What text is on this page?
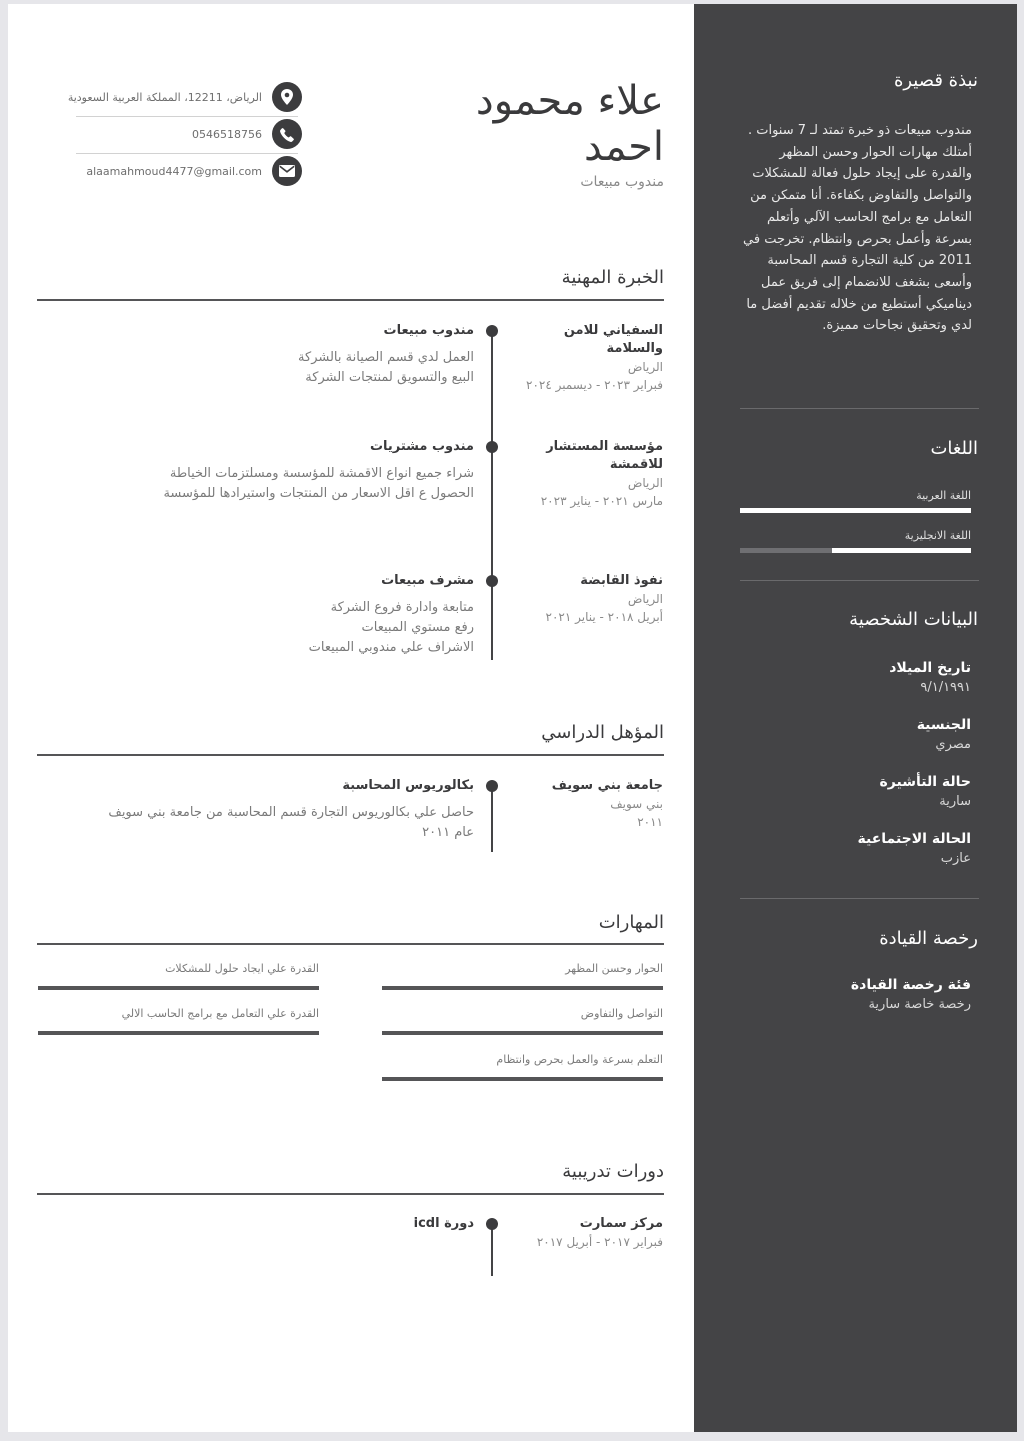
علاء محمود
احمد
مندوب مبيعات
الرياض، 12211، المملكة العربية السعودية
0546518756
alaamahmoud4477@gmail.com
الخبرة المهنية
السفياني للامن والسلامة
الرياض
فبراير ٢٠٢٣ - ديسمبر ٢٠٢٤
مندوب مبيعات
العمل لدي قسم الصيانة بالشركة
البيع والتسويق لمنتجات الشركة
مؤسسة المستشار للاقمشة
الرياض
مارس ٢٠٢١ - يناير ٢٠٢٣
مندوب مشتريات
شراء جميع انواع الاقمشة للمؤسسة ومسلتزمات الخياطة
الحصول ع اقل الاسعار من المنتجات واستيرادها للمؤسسة
نفوذ القابضة
الرياض
أبريل ٢٠١٨ - يناير ٢٠٢١
مشرف مبيعات
متابعة وادارة فروع الشركة
رفع مستوي المبيعات
الاشراف علي مندوبي المبيعات
المؤهل الدراسي
جامعة بني سويف
بني سويف
٢٠١١
بكالوريوس المحاسبة
حاصل علي بكالوريوس التجارة قسم المحاسبة من جامعة بني سويف
عام ٢٠١١
المهارات
الحوار وحسن المظهر
القدرة علي ايجاد حلول للمشكلات
التواصل والتفاوض
القدرة علي التعامل مع برامج الحاسب الالي
التعلم بسرعة والعمل بحرص وانتظام
دورات تدريبية
مركز سمارت
فبراير ٢٠١٧ - أبريل ٢٠١٧
دورة icdl
نبذة قصيرة
مندوب مبيعات ذو خبرة تمتد لـ 7 سنوات . أمتلك مهارات الحوار وحسن المظهر والقدرة على إيجاد حلول فعالة للمشكلات والتواصل والتفاوض بكفاءة. أنا متمكن من التعامل مع برامج الحاسب الآلي وأتعلم بسرعة وأعمل بحرص وانتظام. تخرجت في 2011 من كلية التجارة قسم المحاسبة وأسعى بشغف للانضمام إلى فريق عمل ديناميكي أستطيع من خلاله تقديم أفضل ما لدي وتحقيق نجاحات مميزة.
اللغات
اللغة العربية
اللغة الانجليزية
البيانات الشخصية
تاريخ الميلاد
٩/١/١٩٩١
الجنسية
مصري
حالة التأشيرة
سارية
الحالة الاجتماعية
عازب
رخصة القيادة
فئة رخصة القيادة
رخصة خاصة سارية
